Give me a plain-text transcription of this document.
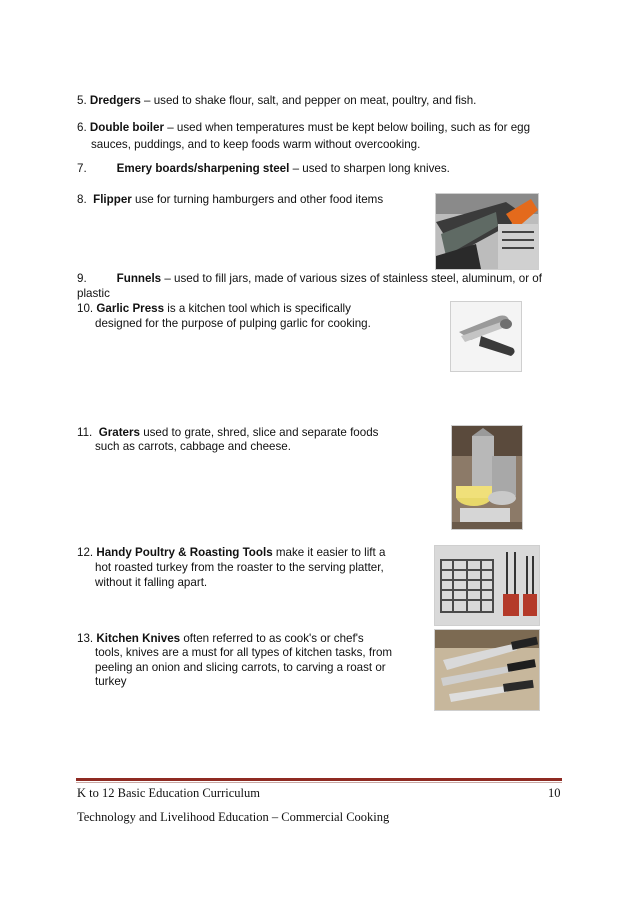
5. Dredgers – used to shake flour, salt, and pepper on meat, poultry, and fish.
6. Double boiler – used when temperatures must be kept below boiling, such as for egg
sauces, puddings, and to keep foods warm without overcooking.
7.	Emery boards/sharpening steel – used to sharpen long knives.
8. Flipper use for turning hamburgers and other food items
9.	Funnels – used to fill jars, made of various sizes of stainless steel, aluminum, or of
plastic
10. Garlic Press is a kitchen tool which is specifically
designed for the purpose of pulping garlic for cooking.
11. Graters used to grate, shred, slice and separate foods
such as carrots, cabbage and cheese.
12. Handy Poultry & Roasting Tools make it easier to lift a
hot roasted turkey from the roaster to the serving platter,
without it falling apart.
13. Kitchen Knives often referred to as cook's or chef's
tools, knives are a must for all types of kitchen tasks, from
peeling an onion and slicing carrots, to carving a roast or
turkey
K to 12 Basic Education Curriculum	10
Technology and Livelihood Education – Commercial Cooking
